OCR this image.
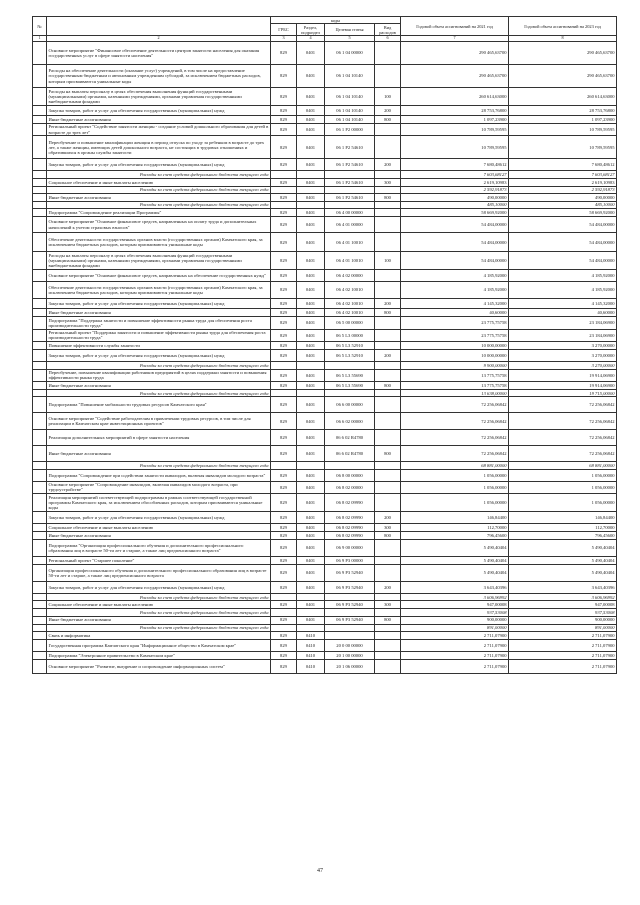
№		коды				Годовой объем ассигнований на 2021 год	Годовой объем ассигнований на 2023 год
		ГРБС	Раздел, подраздел	Целевая статья	Вид расходов		
1	2	3	4	5	6	7	8
	Основное мероприятие "Финансовое обеспечение деятельности центров занятости населения для оказания государственных услуг в сфере занятости населения"	829	0401	06 1 04 00000		290 465,63700	290 465,63700
	Расходы на обеспечение деятельности (оказание услуг) учреждений, в том числе на предоставление государственным бюджетным и автономным учреждениям субсидий, за исключением бюджетных расходов, которым присваиваются уникальные коды	829	0401	06 1 04 10140		290 465,63700	290 465,63700
	Расходы на выплаты персоналу в целях обеспечения выполнения функций государственными (муниципальными) органами, казенными учреждениями, органами управления государственными внебюджетными фондами	829	0401	06 1 04 10140	100	260 614,63000	260 614,63000
	Закупка товаров, работ и услуг для обеспечения государственных (муниципальных) нужд	829	0401	06 1 04 10140	200	28 753,76800	28 753,76800
	Иные бюджетные ассигнования	829	0401	06 1 04 10140	800	1 097,23900	1 097,23900
	Региональный проект "Содействие занятости женщин - создание условий дошкольного образования для детей в возрасте до трех лет"	829	0401	06 1 P2 00000		10 789,59595	10 789,59595
	Переобучение и повышение квалификации женщин в период отпуска по уходу за ребенком в возрасте до трех лет, а также женщин, имеющих детей дошкольного возраста, не состоящих в трудовых отношениях и обратившихся в органы службы занятости	829	0401	06 1 P2 54610		10 789,59595	10 789,59595
	Закупка товаров, работ и услуг для обеспечения государственных (муниципальных) нужд	829	0401	06 1 P2 54610	200	7 680,48612	7 680,48612
	Расходы за счет средств федерального бюджета текущего года					7 603,68127	7 603,68127
	Социальное обеспечение и иные выплаты населению	829	0401	06 1 P2 54610	300	2 619,10983	2 619,10983
	Расходы за счет средств федерального бюджета текущего года					2 592,91873	2 592,91873
	Иные бюджетные ассигнования	829	0401	06 1 P2 54610	800	490,00000	490,00000
	Расходы за счет средств федерального бюджета текущего года					485,10000	485,10000
	Подпрограмма "Сопровождение реализации Программы"	829	0401	06 4 00 00000		58 669,92000	58 669,92000
	Основное мероприятие "Основное финансовое средств, направленных на оплату труда и дополнительных начислений к учетом страховых взносов"	829	0401	06 4 01 00000		54 484,00000	54 484,00000
	Обеспечение деятельности государственных органов власти (государственных органов) Камчатского края, за исключением бюджетных расходов, которым присваиваются уникальные коды	829	0401	06 4 01 10010		54 484,00000	54 484,00000
	Расходы на выплаты персоналу в целях обеспечения выполнения функций государственными (муниципальными) органами, казенными учреждениями, органами управления государственными внебюджетными фондами	829	0401	06 4 01 10010	100	54 484,00000	54 484,00000
	Основное мероприятие "Основное финансовое средств, направленных на обеспечение государственных нужд"	829	0401	06 4 02 00000		4 185,92000	4 185,92000
	Обеспечение деятельности государственных органов власти (государственных органов) Камчатского края, за исключением бюджетных расходов, которым присваиваются уникальные коды	829	0401	06 4 02 10010		4 185,92000	4 185,92000
	Закупка товаров, работ и услуг для обеспечения государственных (муниципальных) нужд	829	0401	06 4 02 10010	200	4 145,32000	4 145,32000
	Иные бюджетные ассигнования	829	0401	06 4 02 10010	800	40,60000	40,60000
	Подпрограмма "Поддержка занятости и повышение эффективности рынка труда для обеспечения роста производительности труда"	829	0401	06 5 00 00000		23 775,75758	23 184,06900
	Региональный проект "Поддержка занятости и повышение эффективности рынка труда для обеспечения роста производительности труда"	829	0401	06 5 L3 00000		23 775,75758	23 184,06900
	Повышение эффективности службы занятости	829	0401	06 5 L3 52910		10 000,00000	3 270,00000
	Закупка товаров, работ и услуг для обеспечения государственных (муниципальных) нужд	829	0401	06 5 L3 52910	200	10 000,00000	3 270,00000
	Расходы за счет средств федерального бюджета текущего года					9 900,00000	3 270,00000
	Переобучение, повышение квалификации работников предприятий в целях поддержки занятости и повышения эффективности рынка труда	829	0401	06 5 L3 55690		13 775,75758	19 914,06900
	Иные бюджетные ассигнования	829	0401	06 5 L3 55690	800	13 775,75758	19 914,06900
	Расходы за счет средств федерального бюджета текущего года					13 638,00000	19 715,00000
	Подпрограмма "Повышение мобильности трудовых ресурсов Камчатского края"	829	0401	06 6 00 00000		72 256,06842	72 256,06842
	Основное мероприятие "Содействие работодателям в привлечении трудовых ресурсов, в том числе для реализации в Камчатском крае инвестиционных проектов"	829	0401	06 6 02 00000		72 256,06842	72 256,06842
	Реализация дополнительных мероприятий в сфере занятости населения	829	0401	06 6 02 R4780		72 256,06842	72 256,06842
	Иные бюджетные ассигнования	829	0401	06 6 02 R4780	800	72 256,06842	72 256,06842
	Расходы за счет средств федерального бюджета текущего года					68 881,00000	68 881,00000
	Подпрограмма "Сопровождение при содействии занятости инвалидов, включая инвалидов молодого возраста"	829	0401	06 8 00 00000		1 056,00000	1 056,00000
	Основное мероприятие "Сопровождение инвалидов, включая инвалидов молодого возраста, при трудоустройстве"	829	0401	06 8 02 00000		1 056,00000	1 056,00000
	Реализация мероприятий соответствующей подпрограммы в рамках соответствующей государственной программы Камчатского края, за исключением обособленных расходов, которым присваиваются уникальные коды	829	0401	06 8 02 09990		1 056,00000	1 056,00000
	Закупка товаров, работ и услуг для обеспечения государственных (муниципальных) нужд	829	0401	06 8 02 09990	200	146,84400	146,84400
	Социальное обеспечение и иные выплаты населению	829	0401	06 8 02 09990	300	112,70000	112,70000
	Иные бюджетные ассигнования	829	0401	06 8 02 09990	800	796,45600	796,45600
	Подпрограмма "Организация профессионального обучения и дополнительного профессионального образования лиц в возрасте 50-ти лет и старше, а также лиц предпенсионного возраста"	829	0401	06 9 00 00000		5 490,40404	5 490,40404
	Региональный проект "Старшее поколение"	829	0401	06 9 P3 00000		5 490,40404	5 490,40404
	Организация профессионального обучения и дополнительного профессионального образования лиц в возрасте 50-ти лет и старше, а также лиц предпенсионного возраста	829	0401	06 9 P3 52940		5 490,40404	5 490,40404
	Закупка товаров, работ и услуг для обеспечения государственных (муниципальных) нужд	829	0401	06 9 P3 52940	200	3 643,40396	3 643,40396
	Расходы за счет средств федерального бюджета текущего года					3 606,96992	3 606,96992
	Социальное обеспечение и иные выплаты населению	829	0401	06 9 P3 52940	300	947,00008	947,00008
	Расходы за счет средств федерального бюджета текущего года					937,53008	937,53008
	Иные бюджетные ассигнования	829	0401	06 9 P3 52940	800	900,00000	900,00000
	Расходы за счет средств федерального бюджета текущего года					891,00000	891,00000
	Связь и информатика	829	0410			2 711,07900	2 711,07900
	Государственная программа Камчатского края "Информационное общество в Камчатском крае"	829	0410	20 0 00 00000		2 711,07900	2 711,07900
	Подпрограмма "Электронное правительство в Камчатском крае"	829	0410	20 1 00 00000		2 711,07900	2 711,07900
	Основное мероприятие "Развитие, внедрение и сопровождение информационных систем"	829	0410	20 1 06 00000		2 711,07900	2 711,07900
47
